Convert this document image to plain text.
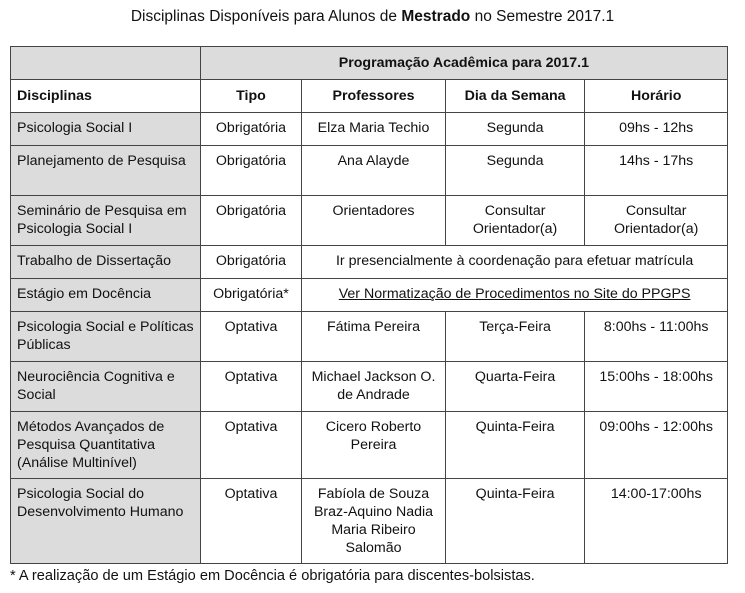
Disciplinas Disponíveis para Alunos de Mestrado no Semestre 2017.1
	Programação Acadêmica para 2017.1			
Disciplinas	Tipo	Professores	Dia da Semana	Horário
Psicologia Social I	Obrigatória	Elza Maria Techio	Segunda	09hs - 12hs
Planejamento de Pesquisa	Obrigatória	Ana Alayde	Segunda	14hs - 17hs
Seminário de Pesquisa em Psicologia Social I	Obrigatória	Orientadores	Consultar Orientador(a)	Consultar Orientador(a)
Trabalho de Dissertação	Obrigatória	Ir presencialmente à coordenação para efetuar matrícula		
Estágio em Docência	Obrigatória*	Ver Normatização de Procedimentos no Site do PPGPS		
Psicologia Social e Políticas Públicas	Optativa	Fátima Pereira	Terça-Feira	8:00hs - 11:00hs
Neurociência Cognitiva e Social	Optativa	Michael Jackson O. de Andrade	Quarta-Feira	15:00hs - 18:00hs
Métodos Avançados de Pesquisa Quantitativa (Análise Multinível)	Optativa	Cicero Roberto Pereira	Quinta-Feira	09:00hs - 12:00hs
Psicologia Social do Desenvolvimento Humano	Optativa	Fabíola de Souza Braz-Aquino Nadia Maria Ribeiro Salomão	Quinta-Feira	14:00-17:00hs
* A realização de um Estágio em Docência é obrigatória para discentes-bolsistas.
